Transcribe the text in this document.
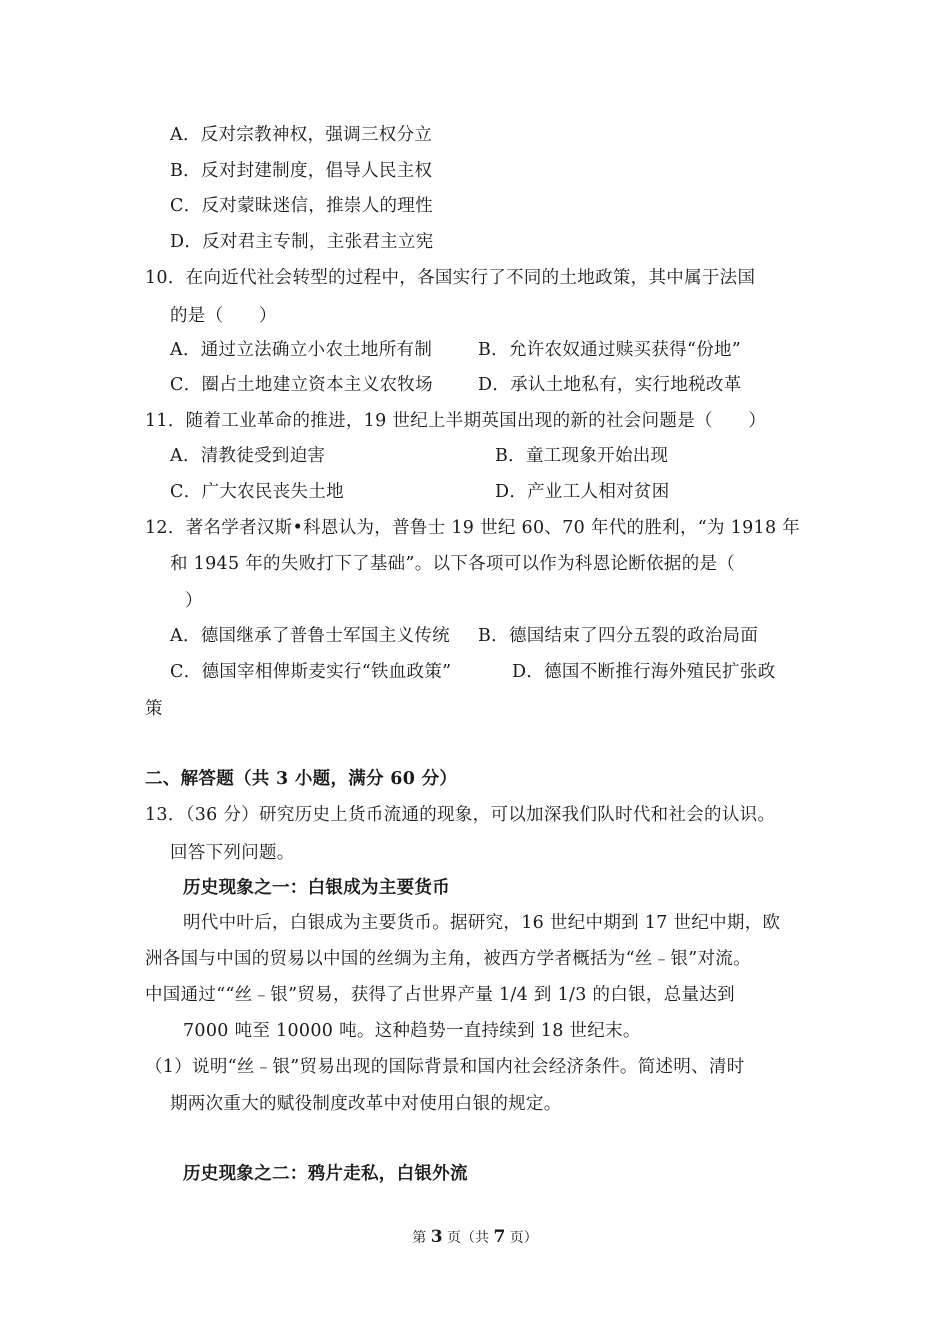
A．反对宗教神权，强调三权分立
B．反对封建制度，倡导人民主权
C．反对蒙昧迷信，推崇人的理性
D．反对君主专制，主张君主立宪
10．在向近代社会转型的过程中，各国实行了不同的土地政策，其中属于法国
的是（　　）
A．通过立法确立小农土地所有制	B．允许农奴通过赎买获得“份地”
C．圈占土地建立资本主义农牧场	D．承认土地私有，实行地税改革
11．随着工业革命的推进，19 世纪上半期英国出现的新的社会问题是（　　）
A．清教徒受到迫害	B．童工现象开始出现
C．广大农民丧失土地	D．产业工人相对贫困
12．著名学者汉斯•科恩认为，普鲁士 19 世纪 60、70 年代的胜利，“为 1918 年
和 1945 年的失败打下了基础”。以下各项可以作为科恩论断依据的是（
）
A．德国继承了普鲁士军国主义传统 B．德国结束了四分五裂的政治局面
C．德国宰相俾斯麦实行“铁血政策”	D．德国不断推行海外殖民扩张政
策
二、解答题（共 3 小题，满分 60 分）
13．（36 分）研究历史上货币流通的现象，可以加深我们队时代和社会的认识。
回答下列问题。
历史现象之一：白银成为主要货币
明代中叶后，白银成为主要货币。据研究，16 世纪中期到 17 世纪中期，欧
洲各国与中国的贸易以中国的丝绸为主角，被西方学者概括为“丝﹣银”对流。
中国通过““丝﹣银”贸易，获得了占世界产量 1/4 到 1/3 的白银，总量达到
7000 吨至 10000 吨。这种趋势一直持续到 18 世纪末。
（1）说明“丝﹣银”贸易出现的国际背景和国内社会经济条件。简述明、清时
期两次重大的赋役制度改革中对使用白银的规定。
历史现象之二：鸦片走私，白银外流
第 3 页（共 7 页）
